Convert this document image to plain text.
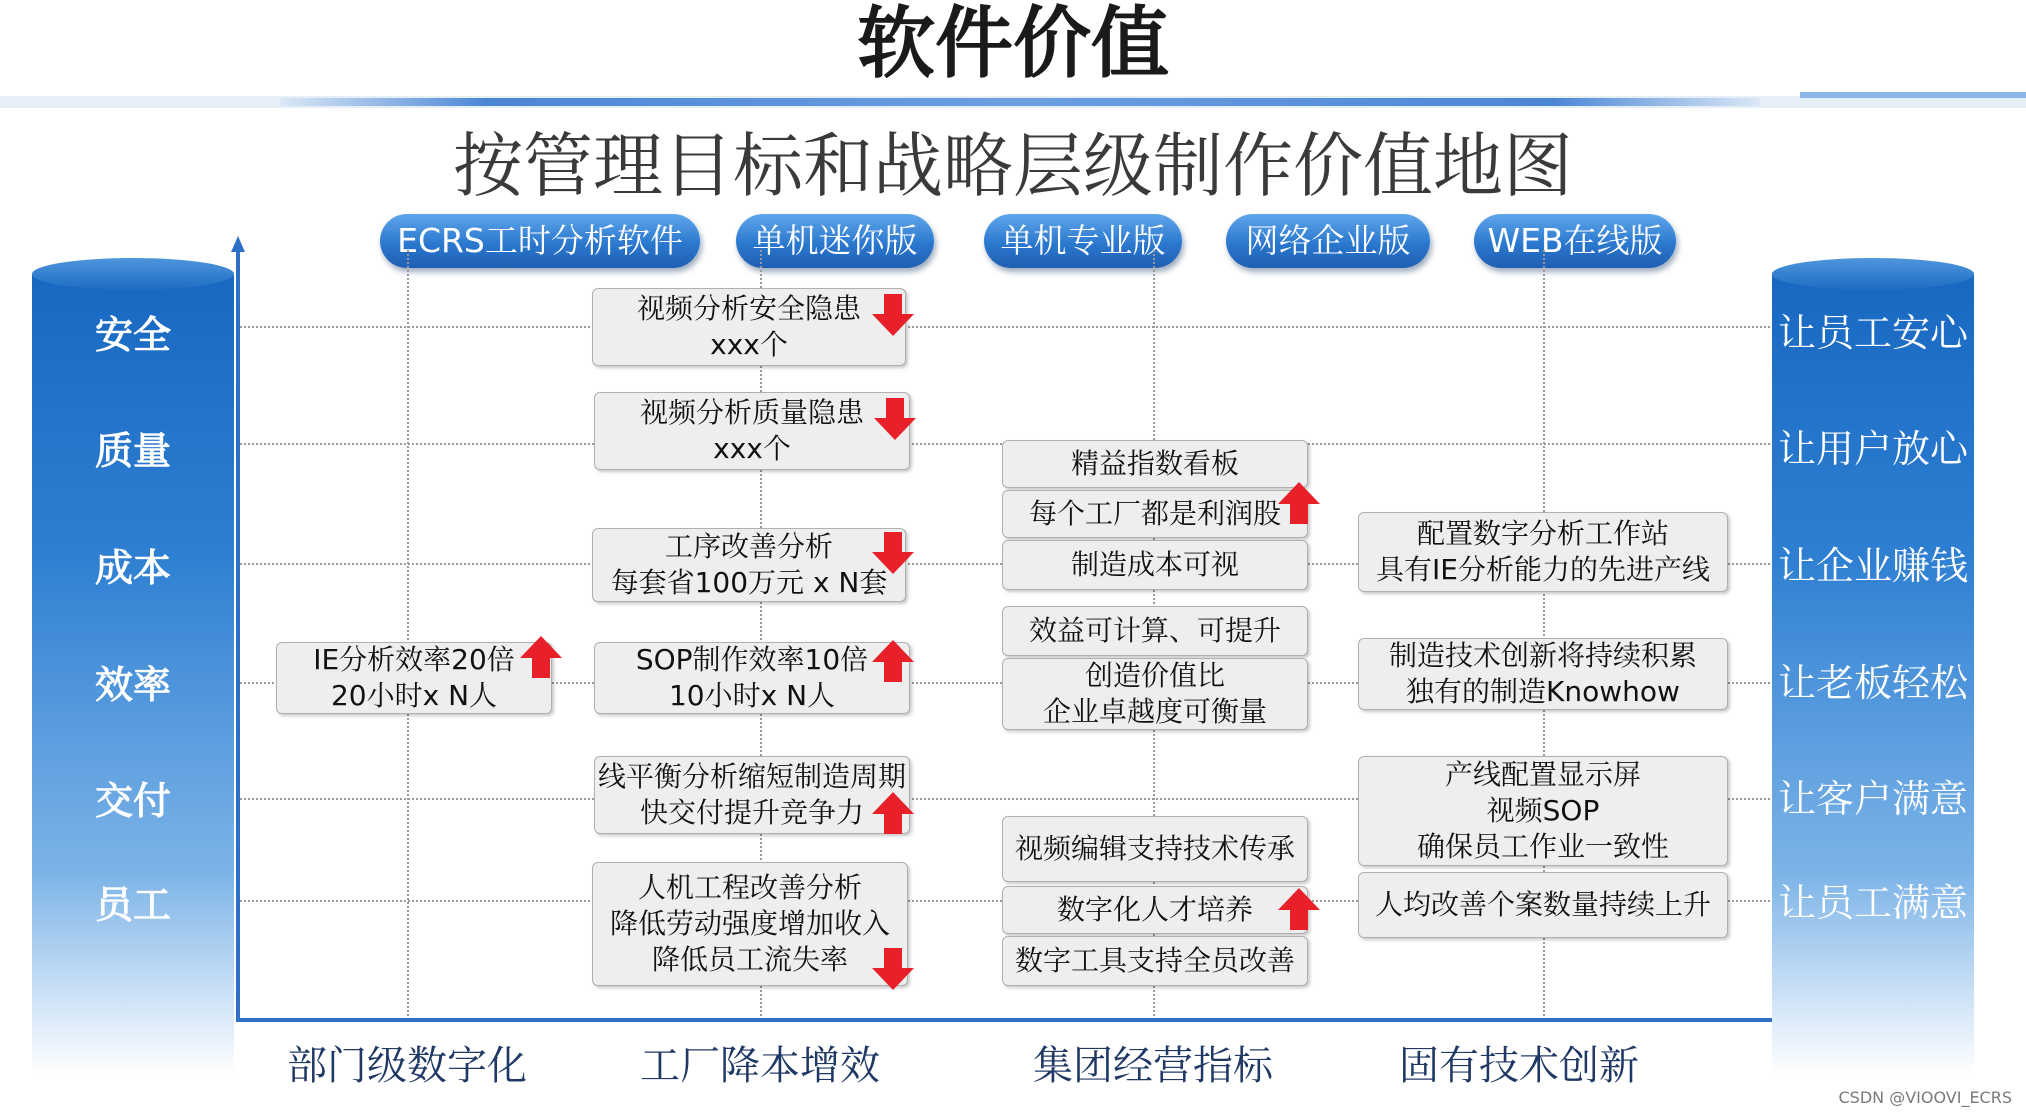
软件价值
按管理目标和战略层级制作价值地图
ECRS工时分析软件	单机迷你版	单机专业版	网络企业版	WEB在线版
安全
质量
成本
效率
交付
员工
让员工安心
让用户放心
让企业赚钱
让老板轻松
让客户满意
让员工满意
视频分析安全隐患
xxx个
视频分析质量隐患
xxx个
工序改善分析
每套省100万元 x N套
IE分析效率20倍
20小时x N人
SOP制作效率10倍
10小时x N人
线平衡分析缩短制造周期
快交付提升竞争力
人机工程改善分析
降低劳动强度增加收入
降低员工流失率
精益指数看板
每个工厂都是利润股
制造成本可视
效益可计算、可提升
创造价值比
企业卓越度可衡量
视频编辑支持技术传承
数字化人才培养
数字工具支持全员改善
配置数字分析工作站
具有IE分析能力的先进产线
制造技术创新将持续积累
独有的制造Knowhow
产线配置显示屏
视频SOP
确保员工作业一致性
人均改善个案数量持续上升
部门级数字化	工厂降本增效	集团经营指标	固有技术创新
CSDN @VIOOVI_ECRS
